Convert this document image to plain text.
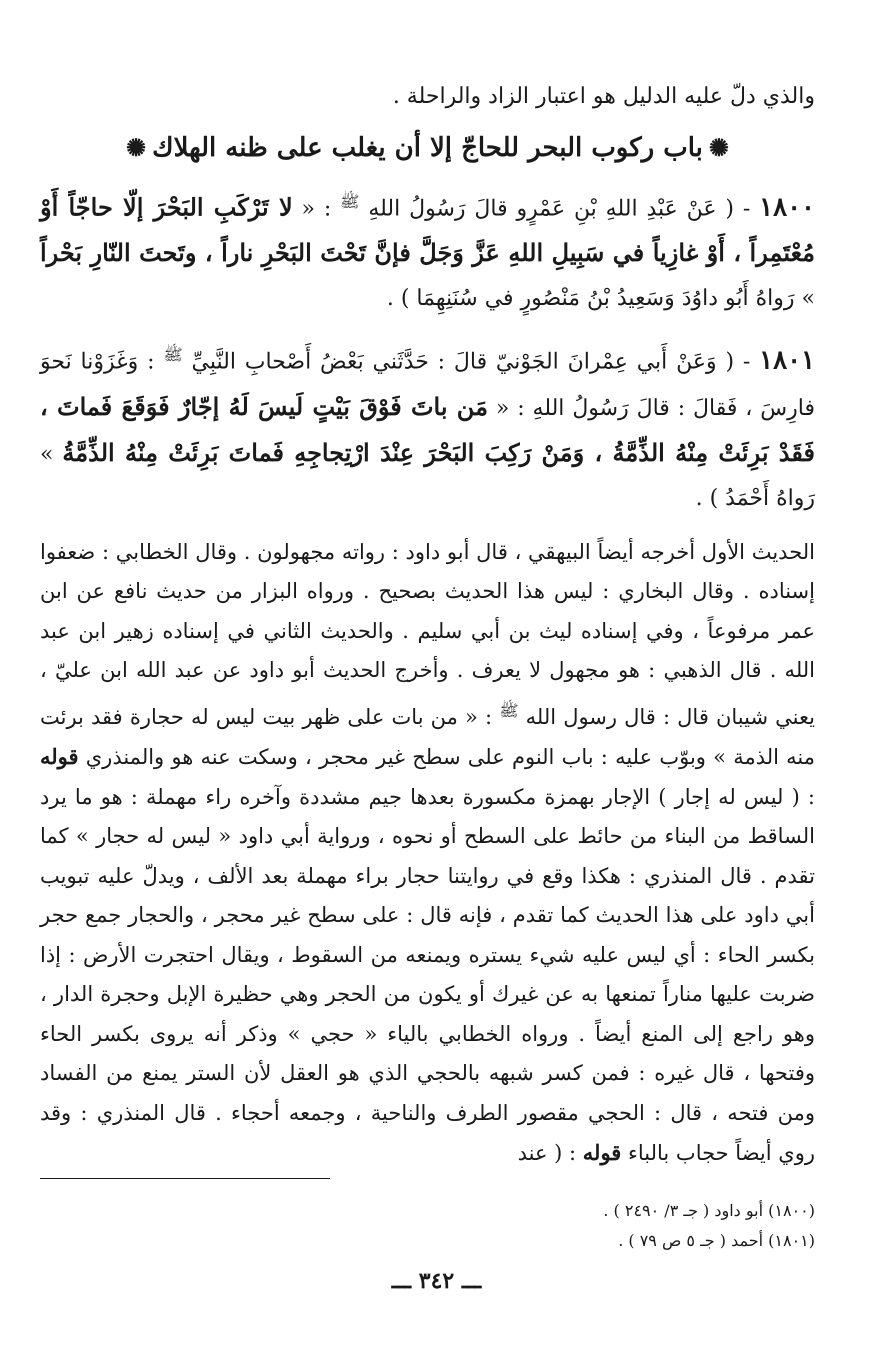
والذي دلّ عليه الدليل هو اعتبار الزاد والراحلة .

✺باب ركوب البحر للحاجّ إلا أن يغلب على ظنه الهلاك✺

١٨٠٠ - ( عَنْ عَبْدِ اللهِ بْنِ عَمْرٍو قالَ رَسُولُ اللهِ $^ﷺ$ : « لا تَرْكَبِ البَحْرَ إلّا حاجّاً أَوْ مُعْتَمِراً ، أَوْ غازِياً في سَبِيلِ اللهِ عَزَّ وَجَلَّ فإنَّ تَحْتَ البَحْرِ ناراً ، وتَحتَ النّارِ بَحْراً » رَواهُ أَبُو داوُدَ وَسَعِيدُ بْنُ مَنْصُورٍ في سُنَنِهِمَا ) .

١٨٠١ - ( وَعَنْ أَبي عِمْرانَ الجَوْنيّ قالَ : حَدَّثَني بَعْضُ أَصْحابِ النَّبِيِّ $^ﷺ$ : وَغَزَوْنا نَحوَ فارِسَ ، فَقالَ : قالَ رَسُولُ اللهِ : « مَن باتَ فَوْقَ بَيْتٍ لَيسَ لَهُ إجّارٌ فَوَقَعَ فَماتَ ، فَقَدْ بَرِئَتْ مِنْهُ الذِّمَّةُ ، وَمَنْ رَكِبَ البَحْرَ عِنْدَ ارْتِجاجِهِ فَماتَ بَرِئَتْ مِنْهُ الذِّمَّةُ » رَواهُ أَحْمَدُ ) .

الحديث الأول أخرجه أيضاً البيهقي ، قال أبو داود : رواته مجهولون . وقال الخطابي : ضعفوا إسناده . وقال البخاري : ليس هذا الحديث بصحيح . ورواه البزار من حديث نافع عن ابن عمر مرفوعاً ، وفي إسناده ليث بن أبي سليم . والحديث الثاني في إسناده زهير ابن عبد الله . قال الذهبي : هو مجهول لا يعرف . وأخرج الحديث أبو داود عن عبد الله ابن عليّ ، يعني شيبان قال : قال رسول الله $^ﷺ$ : « من بات على ظهر بيت ليس له حجارة فقد برئت منه الذمة » وبوّب عليه : باب النوم على سطح غير محجر ، وسكت عنه هو والمنذري قوله : ( ليس له إجار ) الإجار بهمزة مكسورة بعدها جيم مشددة وآخره راء مهملة : هو ما يرد الساقط من البناء من حائط على السطح أو نحوه ، ورواية أبي داود « ليس له حجار » كما تقدم . قال المنذري : هكذا وقع في روايتنا حجار براء مهملة بعد الألف ، ويدلّ عليه تبويب أبي داود على هذا الحديث كما تقدم ، فإنه قال : على سطح غير محجر ، والحجار جمع حجر بكسر الحاء : أي ليس عليه شيء يستره ويمنعه من السقوط ، ويقال احتجرت الأرض : إذا ضربت عليها مناراً تمنعها به عن غيرك أو يكون من الحجر وهي حظيرة الإبل وحجرة الدار ، وهو راجع إلى المنع أيضاً . ورواه الخطابي بالياء « حجي » وذكر أنه يروى بكسر الحاء وفتحها ، قال غيره : فمن كسر شبهه بالحجي الذي هو العقل لأن الستر يمنع من الفساد ومن فتحه ، قال : الحجي مقصور الطرف والناحية ، وجمعه أحجاء . قال المنذري : وقد روي أيضاً حجاب بالباء قوله : ( عند

(١٨٠٠) أبو داود ( جـ ٣/ ٢٤٩٠ ) .

(١٨٠١) أحمد ( جـ ٥ ص ٧٩ ) .

ـــ ٣٤٢ ـــ
